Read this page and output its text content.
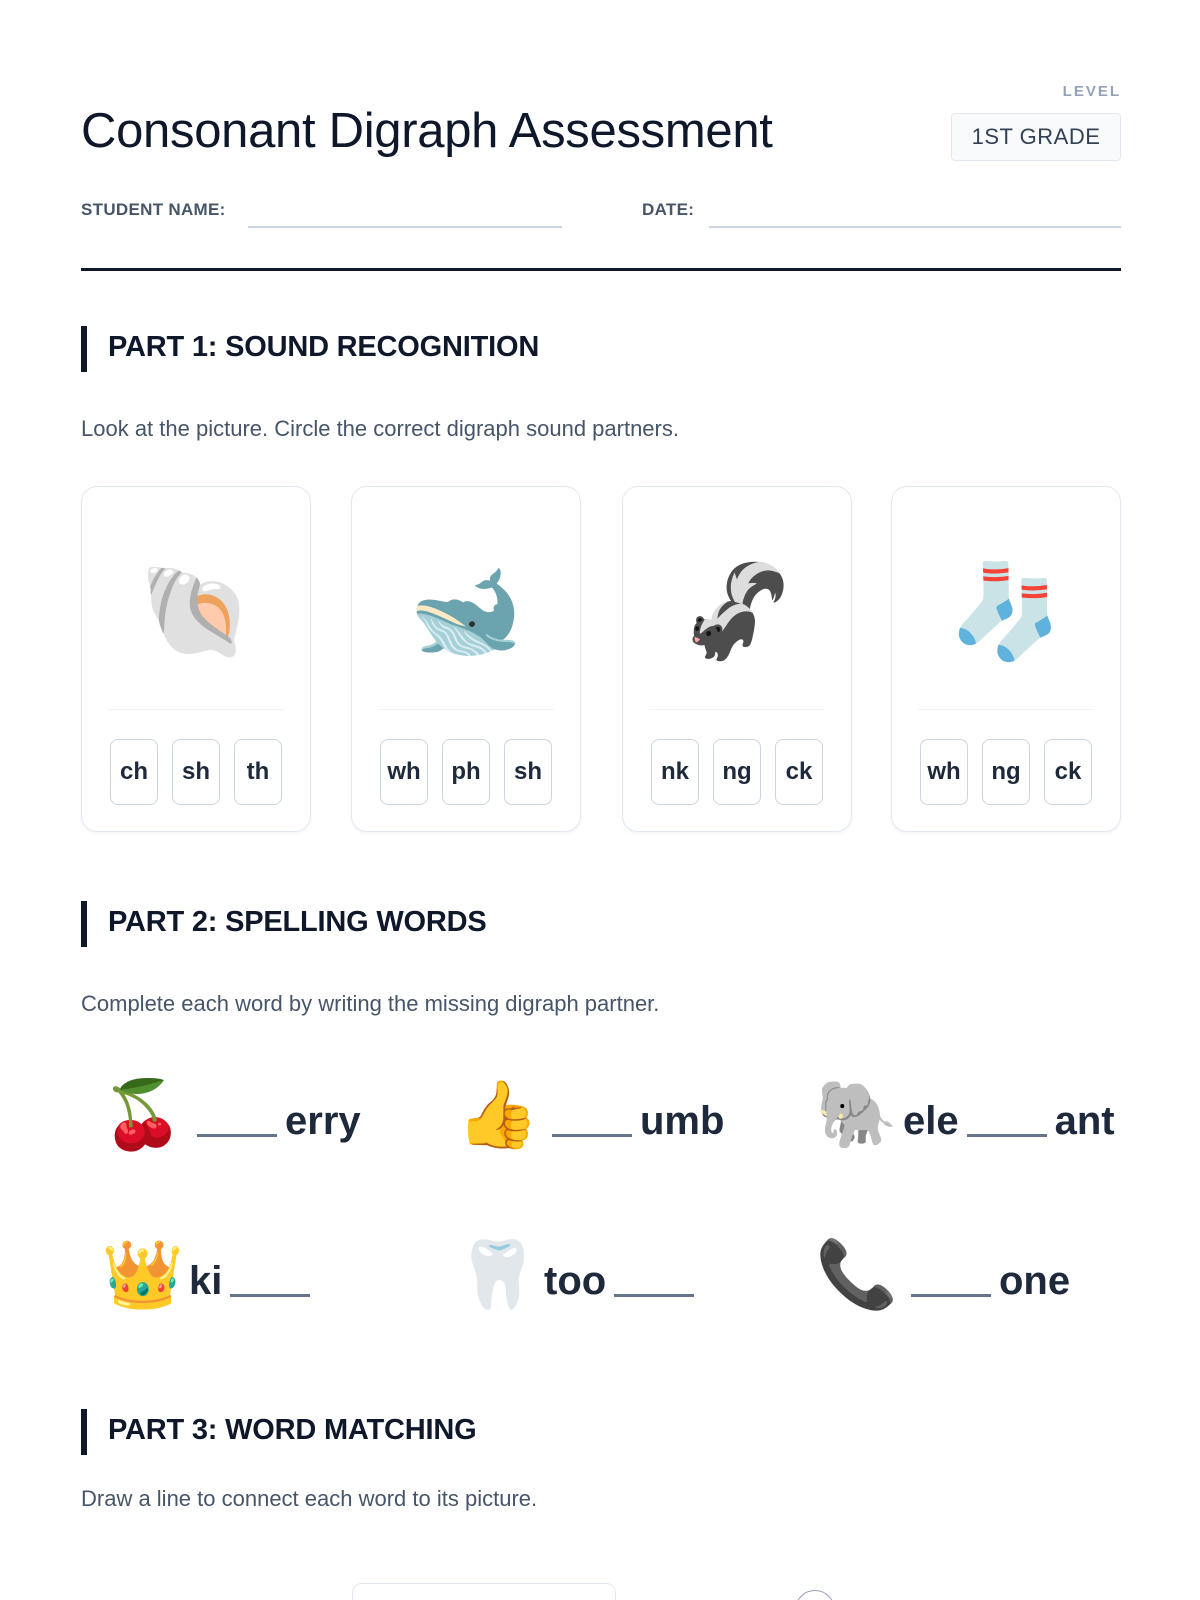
Consonant Digraph Assessment
LEVEL
1ST GRADE
STUDENT NAME:	DATE:
PART 1: SOUND RECOGNITION
Look at the picture. Circle the correct digraph sound partners.
🐚
ch	sh	th
🐋
wh	ph	sh
🦨
nk	ng	ck
🧦
wh	ng	ck
PART 2: SPELLING WORDS
Complete each word by writing the missing digraph partner.
🍒	erry 👍	umb 🐘 ele ant
👑 ki	🦷 too	📞	one
PART 3: WORD MATCHING
Draw a line to connect each word to its picture.
